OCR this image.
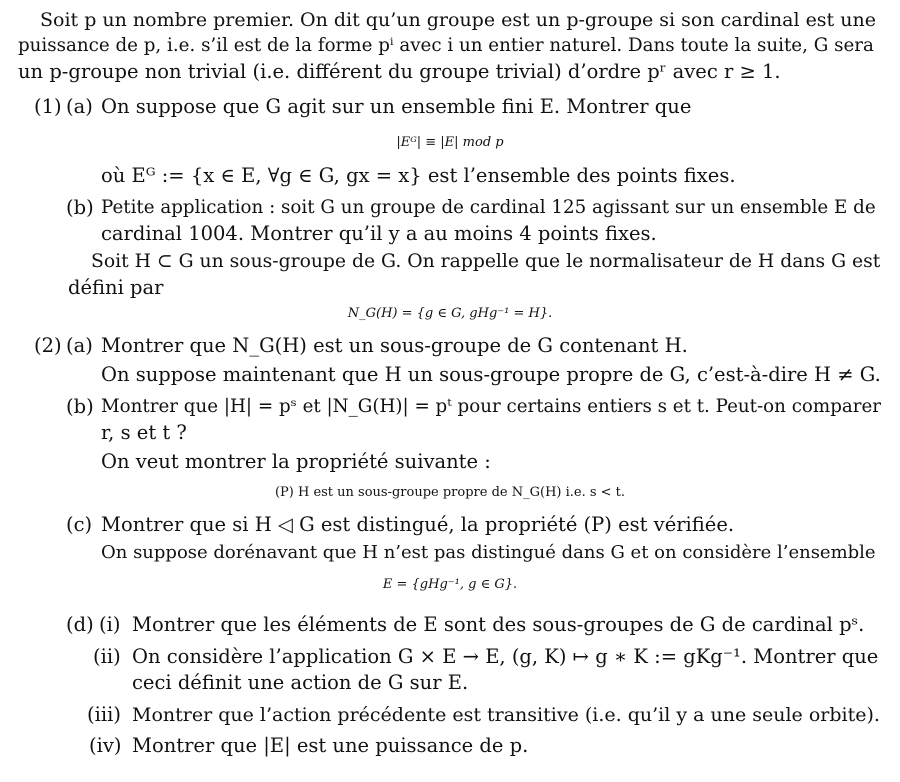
Soit p un nombre premier. On dit qu’un groupe est un p-groupe si son cardinal est une
puissance de p, i.e. s’il est de la forme pⁱ avec i un entier naturel. Dans toute la suite, G sera
un p-groupe non trivial (i.e. différent du groupe trivial) d’ordre pʳ avec r ≥ 1.
(1) (a) On suppose que G agit sur un ensemble fini E. Montrer que
|Eᴳ| ≡ |E| mod p
où Eᴳ := {x ∈ E, ∀g ∈ G, gx = x} est l’ensemble des points fixes.
(b) Petite application : soit G un groupe de cardinal 125 agissant sur un ensemble E de
cardinal 1004. Montrer qu’il y a au moins 4 points fixes.
Soit H ⊂ G un sous-groupe de G. On rappelle que le normalisateur de H dans G est
défini par
N_G(H) = {g ∈ G, gHg⁻¹ = H}.
(2) (a) Montrer que N_G(H) est un sous-groupe de G contenant H.
On suppose maintenant que H un sous-groupe propre de G, c’est-à-dire H ≠ G.
(b) Montrer que |H| = pˢ et |N_G(H)| = pᵗ pour certains entiers s et t. Peut-on comparer
r, s et t ?
On veut montrer la propriété suivante :
(P) H est un sous-groupe propre de N_G(H) i.e. s < t.
(c) Montrer que si H ◁ G est distingué, la propriété (P) est vérifiée.
On suppose dorénavant que H n’est pas distingué dans G et on considère l’ensemble
E = {gHg⁻¹, g ∈ G}.
(d) (i) Montrer que les éléments de E sont des sous-groupes de G de cardinal pˢ.
(ii) On considère l’application G × E → E, (g, K) ↦ g ∗ K := gKg⁻¹. Montrer que
ceci définit une action de G sur E.
(iii) Montrer que l’action précédente est transitive (i.e. qu’il y a une seule orbite).
(iv) Montrer que |E| est une puissance de p.
